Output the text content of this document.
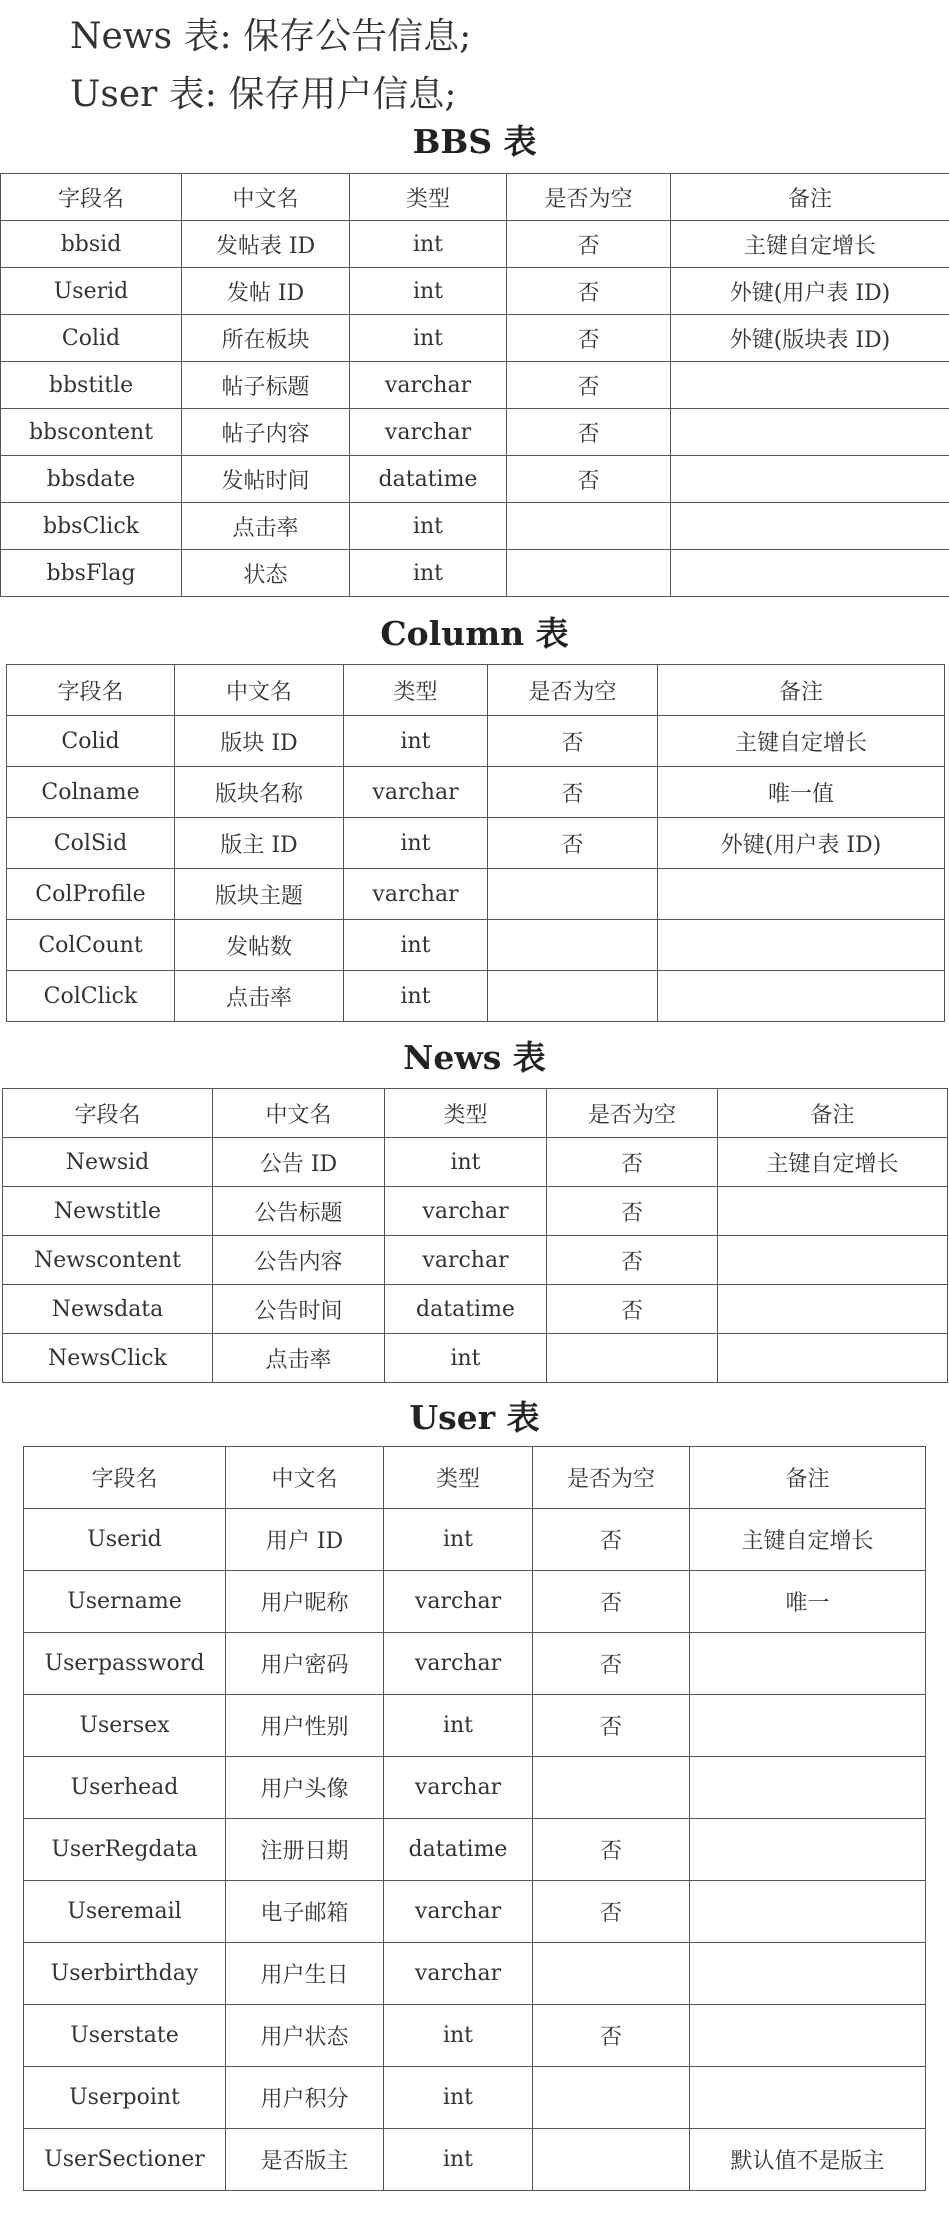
News 表: 保存公告信息;
User 表: 保存用户信息;
BBS 表
字段名	中文名	类型	是否为空	备注
bbsid	发帖表 ID	int	否	主键自定增长
Userid	发帖 ID	int	否	外键(用户表 ID)
Colid	所在板块	int	否	外键(版块表 ID)
bbstitle	帖子标题	varchar	否	
bbscontent	帖子内容	varchar	否	
bbsdate	发帖时间	datatime	否	
bbsClick	点击率	int		
bbsFlag	状态	int		
Column 表
字段名	中文名	类型	是否为空	备注
Colid	版块 ID	int	否	主键自定增长
Colname	版块名称	varchar	否	唯一值
ColSid	版主 ID	int	否	外键(用户表 ID)
ColProfile	版块主题	varchar		
ColCount	发帖数	int		
ColClick	点击率	int		
News 表
字段名	中文名	类型	是否为空	备注
Newsid	公告 ID	int	否	主键自定增长
Newstitle	公告标题	varchar	否	
Newscontent	公告内容	varchar	否	
Newsdata	公告时间	datatime	否	
NewsClick	点击率	int		
User 表
字段名	中文名	类型	是否为空	备注
Userid	用户 ID	int	否	主键自定增长
Username	用户昵称	varchar	否	唯一
Userpassword	用户密码	varchar	否	
Usersex	用户性别	int	否	
Userhead	用户头像	varchar		
UserRegdata	注册日期	datatime	否	
Useremail	电子邮箱	varchar	否	
Userbirthday	用户生日	varchar		
Userstate	用户状态	int	否	
Userpoint	用户积分	int		
UserSectioner	是否版主	int		默认值不是版主
